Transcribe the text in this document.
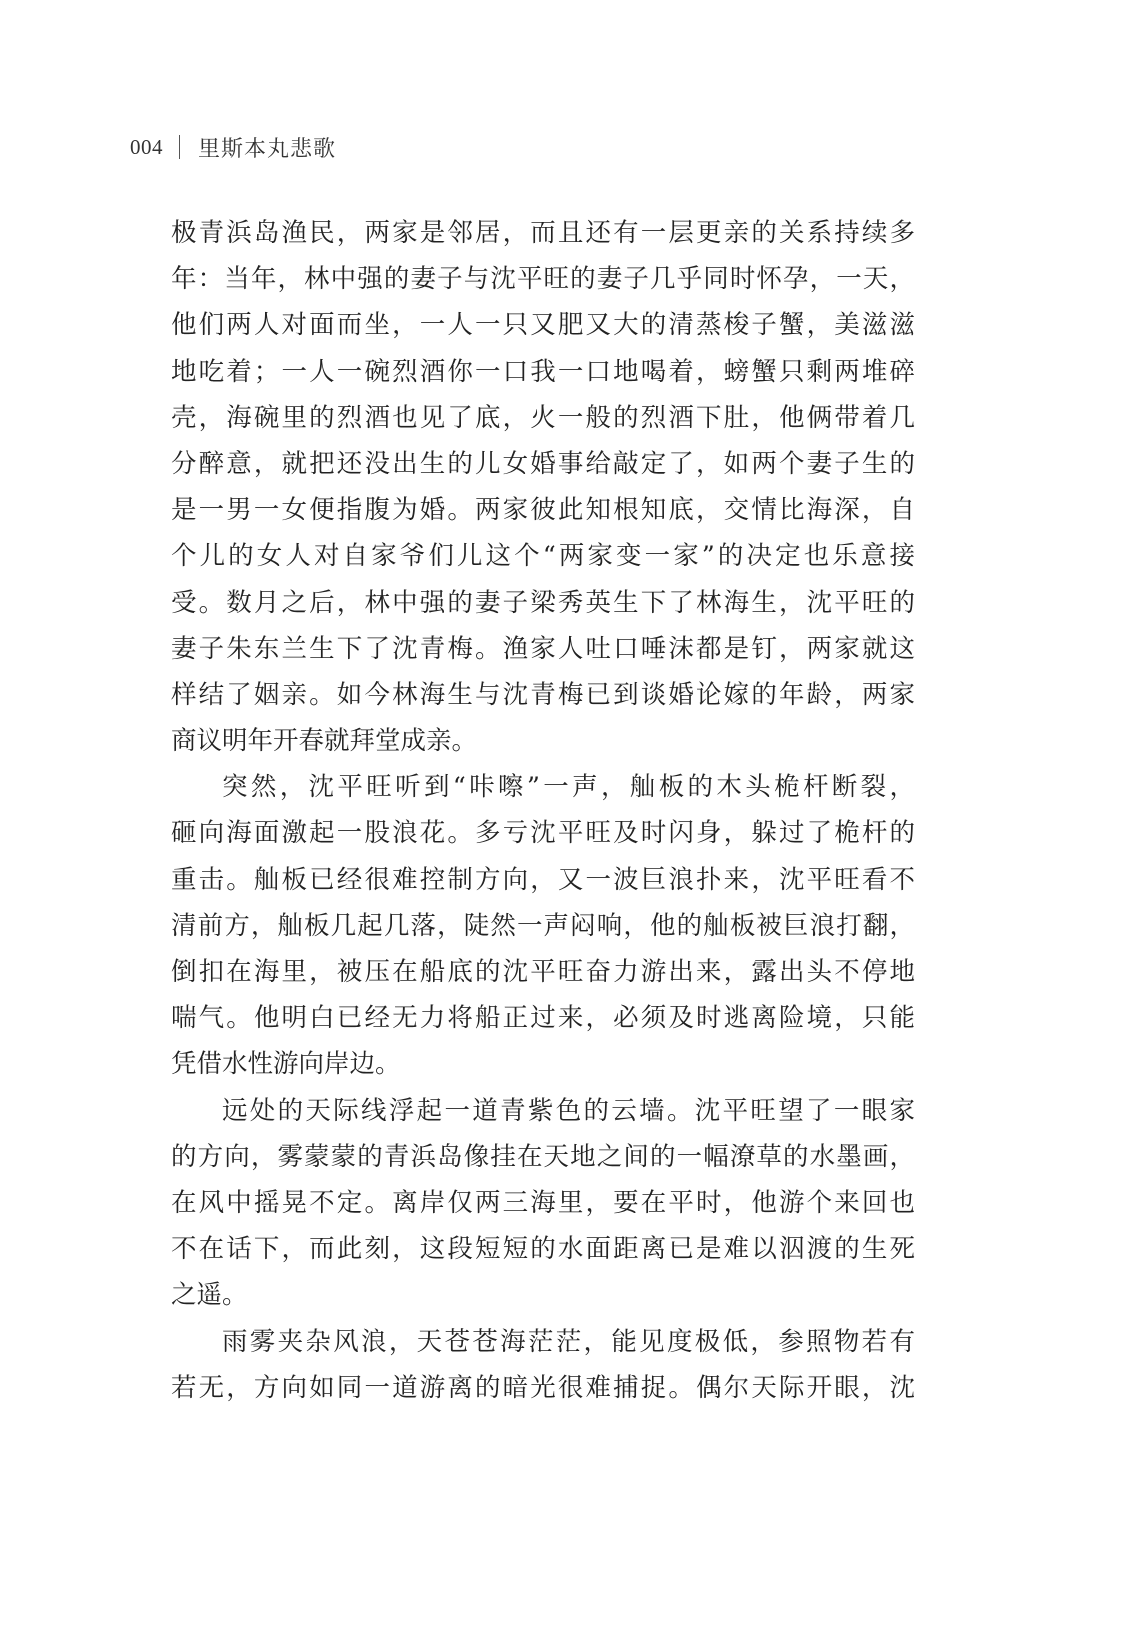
004 里斯本丸悲歌
极青浜岛渔民，两家是邻居，而且还有一层更亲的关系持续多
年：当年，林中强的妻子与沈平旺的妻子几乎同时怀孕，一天，
他们两人对面而坐，一人一只又肥又大的清蒸梭子蟹，美滋滋
地吃着；一人一碗烈酒你一口我一口地喝着，螃蟹只剩两堆碎
壳，海碗里的烈酒也见了底，火一般的烈酒下肚，他俩带着几
分醉意，就把还没出生的儿女婚事给敲定了，如两个妻子生的
是一男一女便指腹为婚。两家彼此知根知底，交情比海深，自
个儿的女人对自家爷们儿这个“两家变一家”的决定也乐意接
受。数月之后，林中强的妻子梁秀英生下了林海生，沈平旺的
妻子朱东兰生下了沈青梅。渔家人吐口唾沫都是钉，两家就这
样结了姻亲。如今林海生与沈青梅已到谈婚论嫁的年龄，两家
商议明年开春就拜堂成亲。
突然，沈平旺听到“咔嚓”一声，舢板的木头桅杆断裂，
砸向海面激起一股浪花。多亏沈平旺及时闪身，躲过了桅杆的
重击。舢板已经很难控制方向，又一波巨浪扑来，沈平旺看不
清前方，舢板几起几落，陡然一声闷响，他的舢板被巨浪打翻，
倒扣在海里，被压在船底的沈平旺奋力游出来，露出头不停地
喘气。他明白已经无力将船正过来，必须及时逃离险境，只能
凭借水性游向岸边。
远处的天际线浮起一道青紫色的云墙。沈平旺望了一眼家
的方向，雾蒙蒙的青浜岛像挂在天地之间的一幅潦草的水墨画，
在风中摇晃不定。离岸仅两三海里，要在平时，他游个来回也
不在话下，而此刻，这段短短的水面距离已是难以泅渡的生死
之遥。
雨雾夹杂风浪，天苍苍海茫茫，能见度极低，参照物若有
若无，方向如同一道游离的暗光很难捕捉。偶尔天际开眼，沈
